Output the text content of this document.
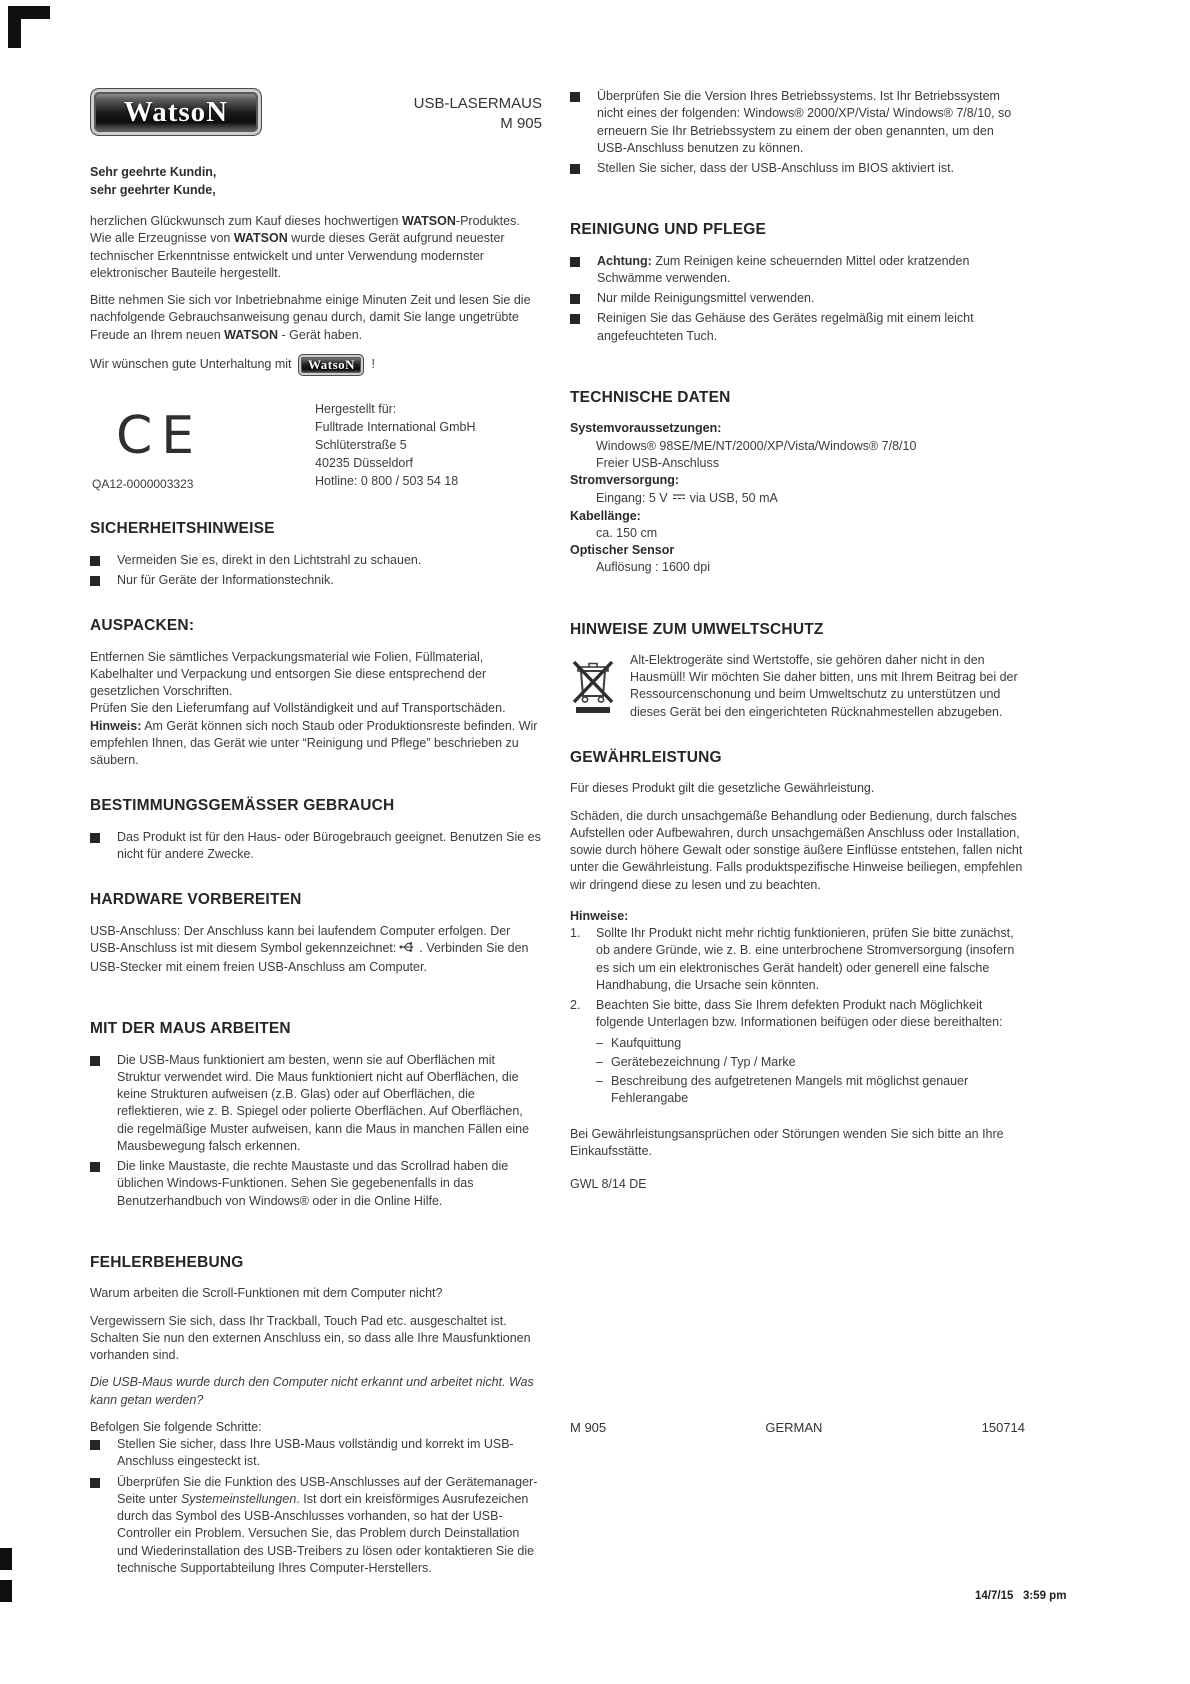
WatsoN	USB-LASERMAUS
M 905
Sehr geehrte Kundin,
sehr geehrter Kunde,

herzlichen Glückwunsch zum Kauf dieses hochwertigen WATSON-Produktes. Wie alle Erzeugnisse von WATSON wurde dieses Gerät aufgrund neuester technischer Erkenntnisse entwickelt und unter Verwendung modernster elektronischer Bauteile hergestellt.

Bitte nehmen Sie sich vor Inbetriebnahme einige Minuten Zeit und lesen Sie die nachfolgende Gebrauchsanweisung genau durch, damit Sie lange ungetrübte Freude an Ihrem neuen WATSON - Gerät haben.

Wir wünschen gute Unterhaltung mit WatsoN !
CE
QA12-0000003323
Hergestellt für:
Fulltrade International GmbH
Schlüterstraße 5
40235 Düsseldorf
Hotline: 0 800 / 503 54 18
SICHERHEITSHINWEISE
Vermeiden Sie es, direkt in den Lichtstrahl zu schauen.
Nur für Geräte der Informationstechnik.
AUSPACKEN:

Entfernen Sie sämtliches Verpackungsmaterial wie Folien, Füllmaterial, Kabelhalter und Verpackung und entsorgen Sie diese entsprechend der gesetzlichen Vorschriften.

Prüfen Sie den Lieferumfang auf Vollständigkeit und auf Transportschäden.

Hinweis: Am Gerät können sich noch Staub oder Produktionsreste befinden. Wir empfehlen Ihnen, das Gerät wie unter “Reinigung und Pflege” beschrieben zu säubern.

BESTIMMUNGSGEMÄSSER GEBRAUCH
Das Produkt ist für den Haus- oder Bürogebrauch geeignet. Benutzen Sie es nicht für andere Zwecke.
HARDWARE VORBEREITEN

USB-Anschluss: Der Anschluss kann bei laufendem Computer erfolgen. Der USB-Anschluss ist mit diesem Symbol gekennzeichnet: . Verbinden Sie den USB-Stecker mit einem freien USB-Anschluss am Computer.

MIT DER MAUS ARBEITEN
Die USB-Maus funktioniert am besten, wenn sie auf Oberflächen mit Struktur verwendet wird. Die Maus funktioniert nicht auf Oberflächen, die keine Strukturen aufweisen (z.B. Glas) oder auf Oberflächen, die reflektieren, wie z. B. Spiegel oder polierte Oberflächen. Auf Oberflächen, die regelmäßige Muster aufweisen, kann die Maus in manchen Fällen eine Mausbewegung falsch erkennen.
Die linke Maustaste, die rechte Maustaste und das Scrollrad haben die üblichen Windows-Funktionen. Sehen Sie gegebenenfalls in das Benutzerhandbuch von Windows® oder in die Online Hilfe.
FEHLERBEHEBUNG

Warum arbeiten die Scroll-Funktionen mit dem Computer nicht?

Vergewissern Sie sich, dass Ihr Trackball, Touch Pad etc. ausgeschaltet ist. Schalten Sie nun den externen Anschluss ein, so dass alle Ihre Mausfunktionen vorhanden sind.

Die USB-Maus wurde durch den Computer nicht erkannt und arbeitet nicht. Was kann getan werden?

Befolgen Sie folgende Schritte:

Stellen Sie sicher, dass Ihre USB-Maus vollständig und korrekt im USB-Anschluss eingesteckt ist.
Überprüfen Sie die Funktion des USB-Anschlusses auf der Gerätemanager-Seite unter Systemeinstellungen. Ist dort ein kreisförmiges Ausrufezeichen durch das Symbol des USB-Anschlusses vorhanden, so hat der USB-Controller ein Problem. Versuchen Sie, das Problem durch Deinstallation und Wiederinstallation des USB-Treibers zu lösen oder kontaktieren Sie die technische Supportabteilung Ihres Computer-Herstellers.
Überprüfen Sie die Version Ihres Betriebssystems. Ist Ihr Betriebssystem nicht eines der folgenden: Windows® 2000/XP/Vista/ Windows® 7/8/10, so erneuern Sie Ihr Betriebssystem zu einem der oben genannten, um den USB-Anschluss benutzen zu können.
Stellen Sie sicher, dass der USB-Anschluss im BIOS aktiviert ist.
REINIGUNG UND PFLEGE
Achtung: Zum Reinigen keine scheuernden Mittel oder kratzenden Schwämme verwenden.
Nur milde Reinigungsmittel verwenden.
Reinigen Sie das Gehäuse des Gerätes regelmäßig mit einem leicht angefeuchteten Tuch.
TECHNISCHE DATEN
Systemvoraussetzungen:
Windows® 98SE/ME/NT/2000/XP/Vista/Windows® 7/8/10
Freier USB-Anschluss
Stromversorgung:
Eingang: 5 V via USB, 50 mA
Kabellänge:
ca. 150 cm
Optischer Sensor
Auflösung : 1600 dpi
HINWEISE ZUM UMWELTSCHUTZ
Alt-Elektrogeräte sind Wertstoffe, sie gehören daher nicht in den Hausmüll! Wir möchten Sie daher bitten, uns mit Ihrem Beitrag bei der Ressourcenschonung und beim Umweltschutz zu unterstützen und dieses Gerät bei den eingerichteten Rücknahmestellen abzugeben.
GEWÄHRLEISTUNG

Für dieses Produkt gilt die gesetzliche Gewährleistung.

Schäden, die durch unsachgemäße Behandlung oder Bedienung, durch falsches Aufstellen oder Aufbewahren, durch unsachgemäßen Anschluss oder Installation, sowie durch höhere Gewalt oder sonstige äußere Einflüsse entstehen, fallen nicht unter die Gewährleistung. Falls produktspezifische Hinweise beiliegen, empfehlen wir dringend diese zu lesen und zu beachten.

Hinweise:
1.	Sollte Ihr Produkt nicht mehr richtig funktionieren, prüfen Sie bitte zunächst, ob andere Gründe, wie z. B. eine unterbrochene Stromversorgung (insofern es sich um ein elektronisches Gerät handelt) oder generell eine falsche Handhabung, die Ursache sein könnten.
2.	Beachten Sie bitte, dass Sie Ihrem defekten Produkt nach Möglichkeit folgende Unterlagen bzw. Informationen beifügen oder diese bereithalten:
– Kaufquittung
– Gerätebezeichnung / Typ / Marke
– Beschreibung des aufgetretenen Mangels mit möglichst genauer Fehlerangabe

Bei Gewährleistungsansprüchen oder Störungen wenden Sie sich bitte an Ihre Einkaufsstätte.

GWL 8/14 DE

M 905	GERMAN	150714
14/7/15   3:59 pm
